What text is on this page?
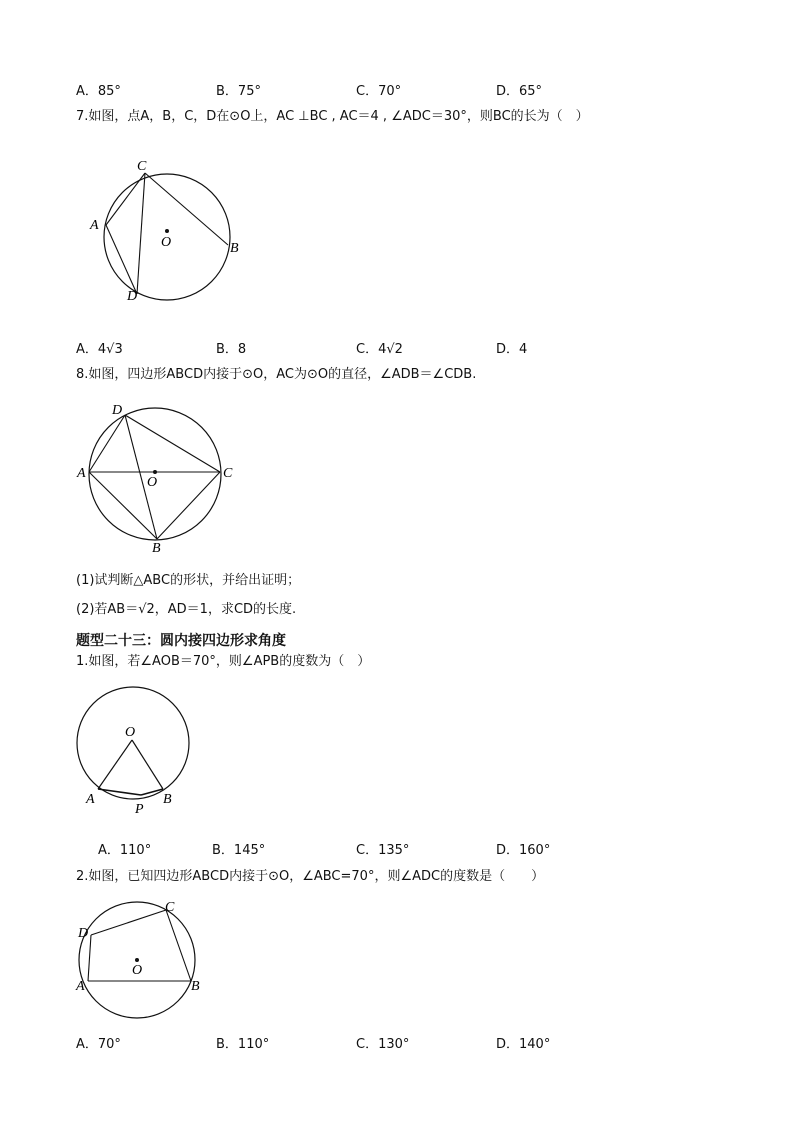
A．85°	B．75°	C．70°	D．65°
7.如图，点A，B，C，D在⊙O上，AC ⊥BC , AC＝4 , ∠ADC＝30°，则BC的长为（　）
C
A
O	B
D
A．4√3	B．8	C．4√2	D．4
8.如图，四边形ABCD内接于⊙O，AC为⊙O的直径，∠ADB＝∠CDB.
D
A
O
C
B
(1)试判断△ABC的形状，并给出证明；
(2)若AB＝√2，AD＝1，求CD的长度.
题型二十三：圆内接四边形求角度
1.如图，若∠AOB＝70°，则∠APB的度数为（　）
O
A	B
P
A．110°	B．145°	C．135°	D．160°
2.如图，已知四边形ABCD内接于⊙O，∠ABC=70°，则∠ADC的度数是（　　）
C
D
O
A	B
A．70°	B．110°	C．130°	D．140°
